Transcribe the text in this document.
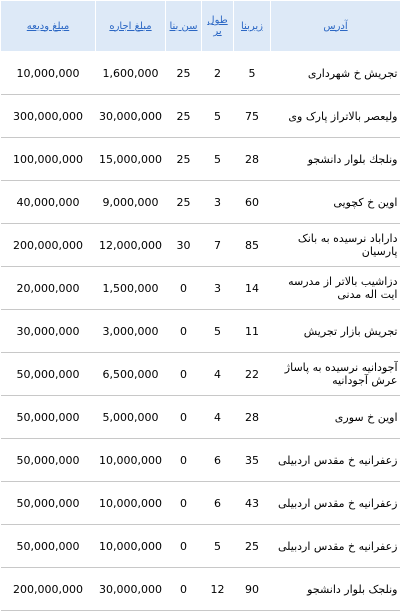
آدرس	زیربنا	طول بر	سن بنا	مبلغ اجاره	مبلغ ودیعه
تجریش خ شهرداری	5	2	25	1,600,000	10,000,000
ولیعصر بالاتراز پارک وی	75	5	25	30,000,000	300,000,000
ونلجك بلوار دانشجو	28	5	25	15,000,000	100,000,000
اوین خ کچویی	60	3	25	9,000,000	40,000,000
داراباد نرسیده به بانک پارسیان	85	7	30	12,000,000	200,000,000
دزاشیب بالاتر از مدرسه ایت اله مدنی	14	3	0	1,500,000	20,000,000
تجریش بازار تجریش	11	5	0	3,000,000	30,000,000
آجودانیه نرسیده به پاساژ عرش آجودانیه	22	4	0	6,500,000	50,000,000
اوین خ سوری	28	4	0	5,000,000	50,000,000
زعفرانیه خ مقدس اردبیلی	35	6	0	10,000,000	50,000,000
زعفرانیه خ مقدس اردبیلی	43	6	0	10,000,000	50,000,000
زعفرانیه خ مقدس اردبیلی	25	5	0	10,000,000	50,000,000
ونلجک بلوار دانشجو	90	12	0	30,000,000	200,000,000
